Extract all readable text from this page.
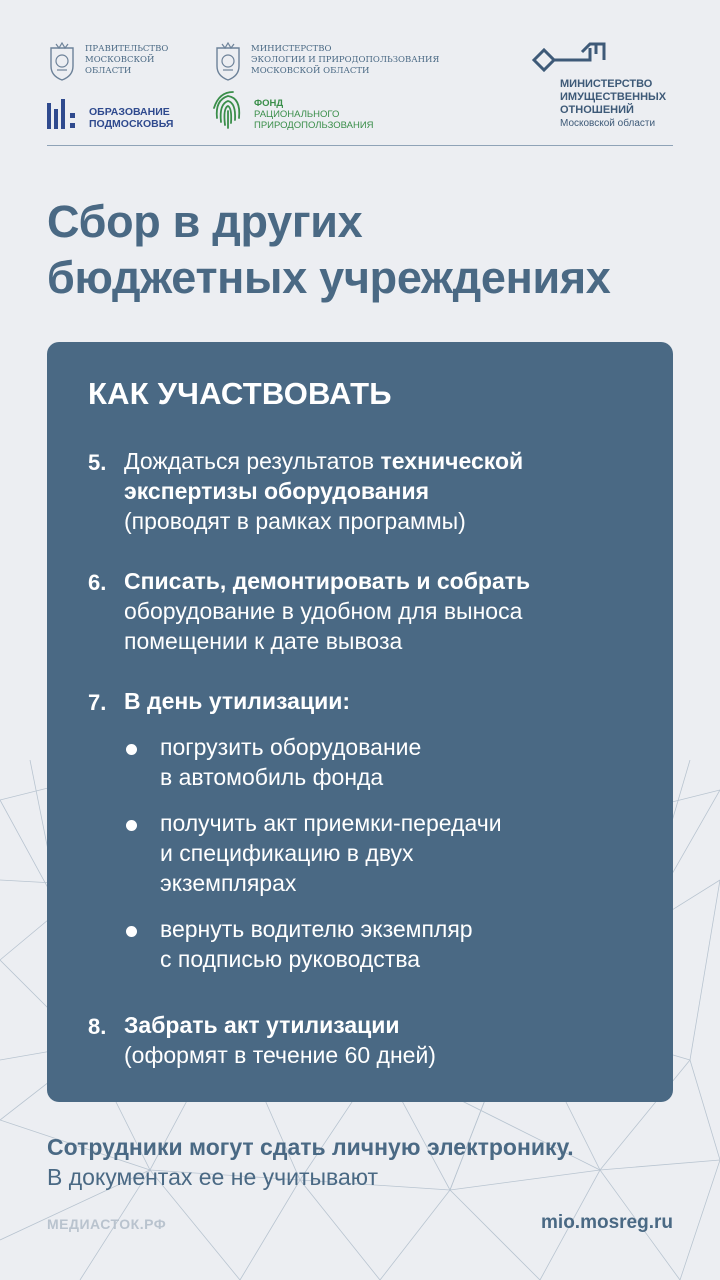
ПРАВИТЕЛЬСТВО
МОСКОВСКОЙ
ОБЛАСТИ
МИНИСТЕРСТВО
ЭКОЛОГИИ И ПРИРОДОПОЛЬЗОВАНИЯ
МОСКОВСКОЙ ОБЛАСТИ
ОБРАЗОВАНИЕ
ПОДМОСКОВЬЯ
ФОНД
РАЦИОНАЛЬНОГО
ПРИРОДОПОЛЬЗОВАНИЯ
МИНИСТЕРСТВО
ИМУЩЕСТВЕННЫХ
ОТНОШЕНИЙ
Московской области
Сбор в других
бюджетных учреждениях
КАК УЧАСТВОВАТЬ
5. Дождаться результатов технической
экспертизы оборудования
(проводят в рамках программы)
6. Списать, демонтировать и собрать
оборудование в удобном для выноса
помещении к дате вывоза
7. В день утилизации:
погрузить оборудование
в автомобиль фонда
получить акт приемки-передачи
и спецификацию в двух
экземплярах
вернуть водителю экземпляр
с подписью руководства
8. Забрать акт утилизации
(оформят в течение 60 дней)
Сотрудники могут сдать личную электронику.
В документах ее не учитывают
МЕДИАСТОК.РФ	mio.mosreg.ru
